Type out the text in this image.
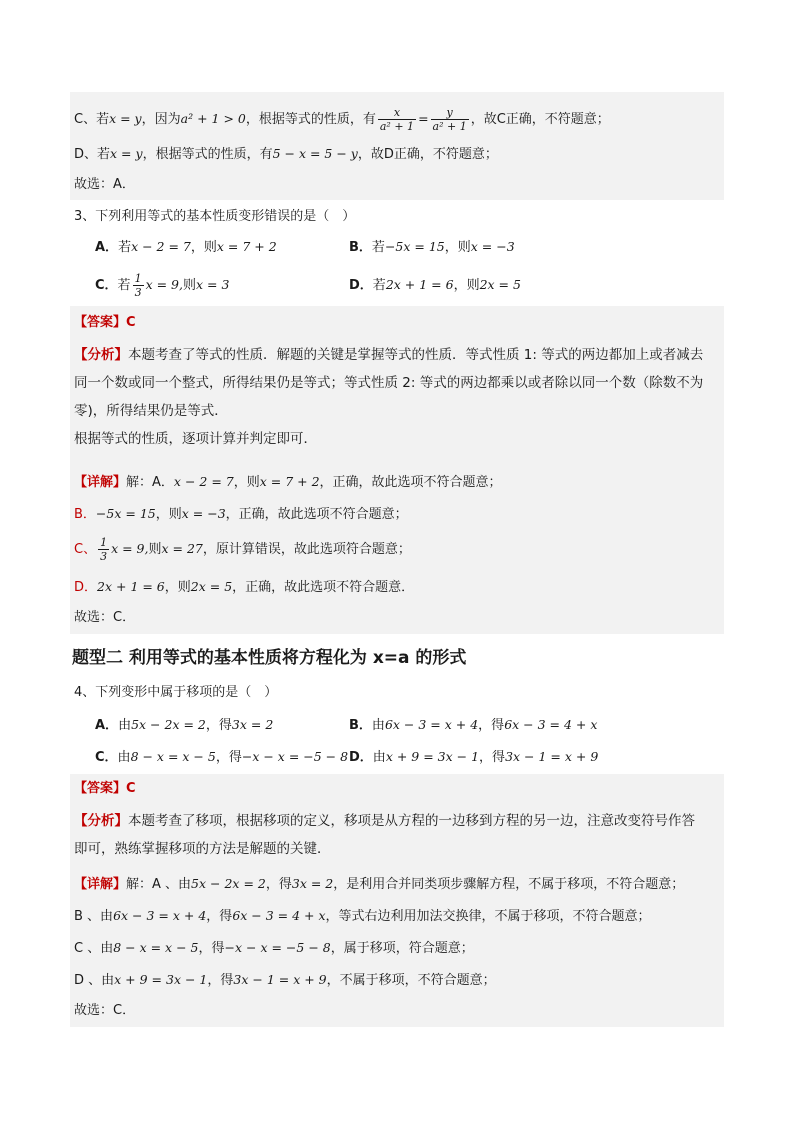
C、若x = y，因为a² + 1 > 0，根据等式的性质，有 $\frac{x}{\text{a² + 1}} = \frac{y}{\text{a² + 1}}$ ，故C正确，不符题意；
D、若x = y，根据等式的性质，有5 − x = 5 − y，故D正确，不符题意；
故选：A．
3、下列利用等式的基本性质变形错误的是（　）
A．若x − 2 = 7，则x = 7 + 2	B．若−5x = 15，则x = −3
C．若 $\frac{1}{3}$ x = 9,则x = 3	D．若2x + 1 = 6，则2x = 5
【答案】C
【分析】本题考查了等式的性质．解题的关键是掌握等式的性质．等式性质 1: 等式的两边都加上或者减去
同一个数或同一个整式，所得结果仍是等式；等式性质 2: 等式的两边都乘以或者除以同一个数（除数不为
零)，所得结果仍是等式．
根据等式的性质，逐项计算并判定即可．
【详解】解：A．x − 2 = 7，则x = 7 + 2，正确，故此选项不符合题意；
B．−5x = 15，则x = −3，正确，故此选项不符合题意；
C、 $\frac{1}{3}$ x = 9,则x = 27，原计算错误，故此选项符合题意；
D．2x + 1 = 6，则2x = 5，正确，故此选项不符合题意．
故选：C．
题型二 利用等式的基本性质将方程化为 x=a 的形式
4、下列变形中属于移项的是（　）
A．由5x − 2x = 2，得3x = 2	B．由6x − 3 = x + 4，得6x − 3 = 4 + x
C．由8 − x = x − 5，得−x − x = −5 − 8 D．由x + 9 = 3x − 1，得3x − 1 = x + 9
【答案】C
【分析】本题考查了移项，根据移项的定义，移项是从方程的一边移到方程的另一边，注意改变符号作答
即可，熟练掌握移项的方法是解题的关键．
【详解】解：A 、由5x − 2x = 2，得3x = 2，是利用合并同类项步骤解方程，不属于移项，不符合题意；
B 、由6x − 3 = x + 4，得6x − 3 = 4 + x，等式右边利用加法交换律，不属于移项，不符合题意；
C 、由8 − x = x − 5，得−x − x = −5 − 8，属于移项，符合题意；
D 、由x + 9 = 3x − 1，得3x − 1 = x + 9，不属于移项，不符合题意；
故选：C．
